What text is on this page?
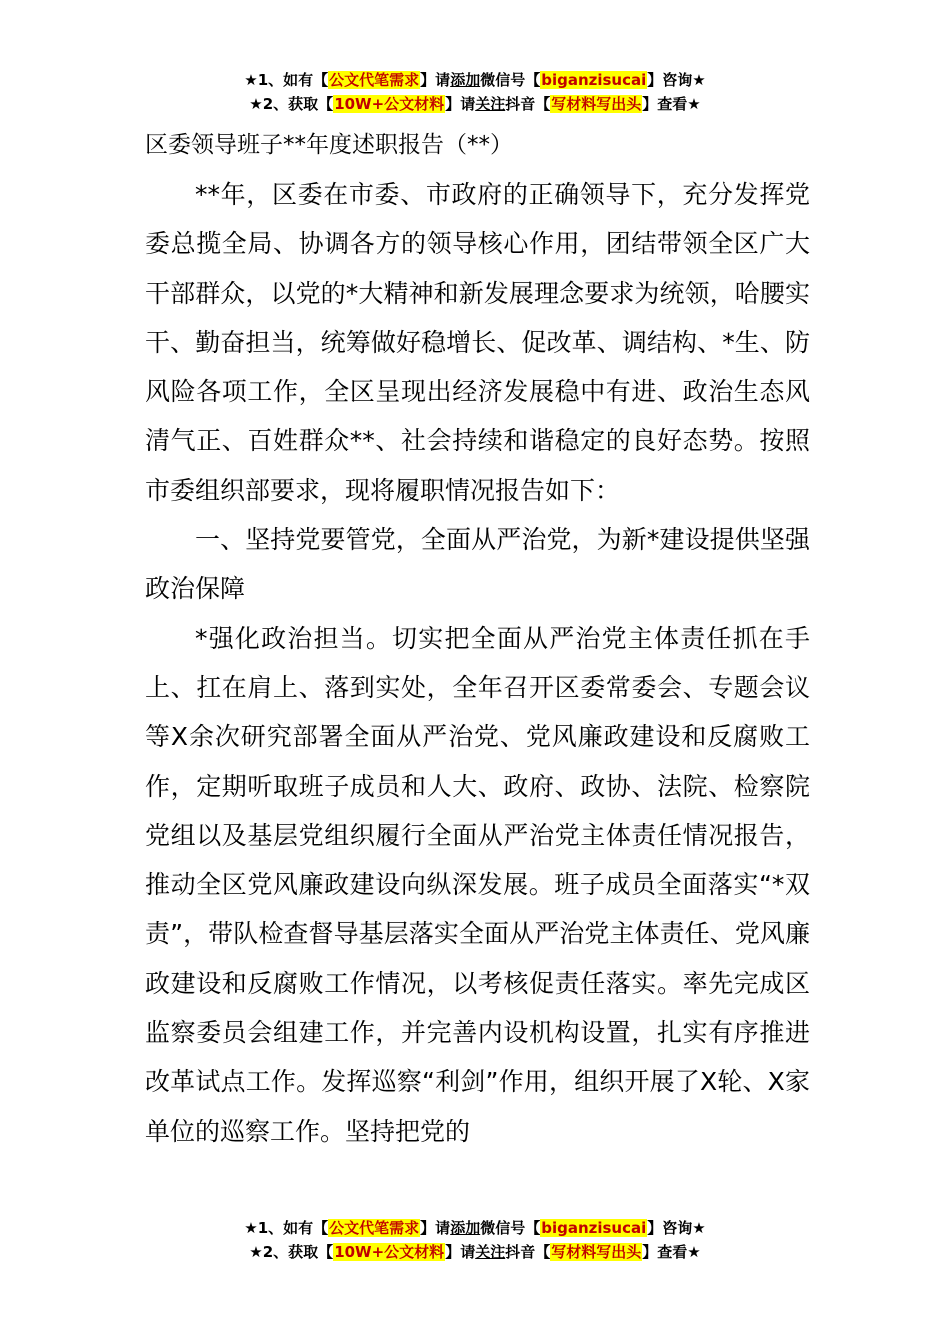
★1、如有【公文代笔需求】请添加微信号【biganzisucai】咨询★
★2、获取【10W+公文材料】请关注抖音【写材料写出头】查看★

区委领导班子**年度述职报告（**）

**年，区委在市委、市政府的正确领导下，充分发挥党委总揽全局、协调各方的领导核心作用，团结带领全区广大干部群众，以党的*大精神和新发展理念要求为统领，哈腰实干、勤奋担当，统筹做好稳增长、促改革、调结构、*生、防风险各项工作，全区呈现出经济发展稳中有进、政治生态风清气正、百姓群众**、社会持续和谐稳定的良好态势。按照市委组织部要求，现将履职情况报告如下：

一、坚持党要管党，全面从严治党，为新*建设提供坚强政治保障

*强化政治担当。切实把全面从严治党主体责任抓在手上、扛在肩上、落到实处，全年召开区委常委会、专题会议等X余次研究部署全面从严治党、党风廉政建设和反腐败工作，定期听取班子成员和人大、政府、政协、法院、检察院党组以及基层党组织履行全面从严治党主体责任情况报告，推动全区党风廉政建设向纵深发展。班子成员全面落实“*双责”，带队检查督导基层落实全面从严治党主体责任、党风廉政建设和反腐败工作情况，以考核促责任落实。率先完成区监察委员会组建工作，并完善内设机构设置，扎实有序推进改革试点工作。发挥巡察“利剑”作用，组织开展了X轮、X家单位的巡察工作。坚持把党的

★1、如有【公文代笔需求】请添加微信号【biganzisucai】咨询★
★2、获取【10W+公文材料】请关注抖音【写材料写出头】查看★
